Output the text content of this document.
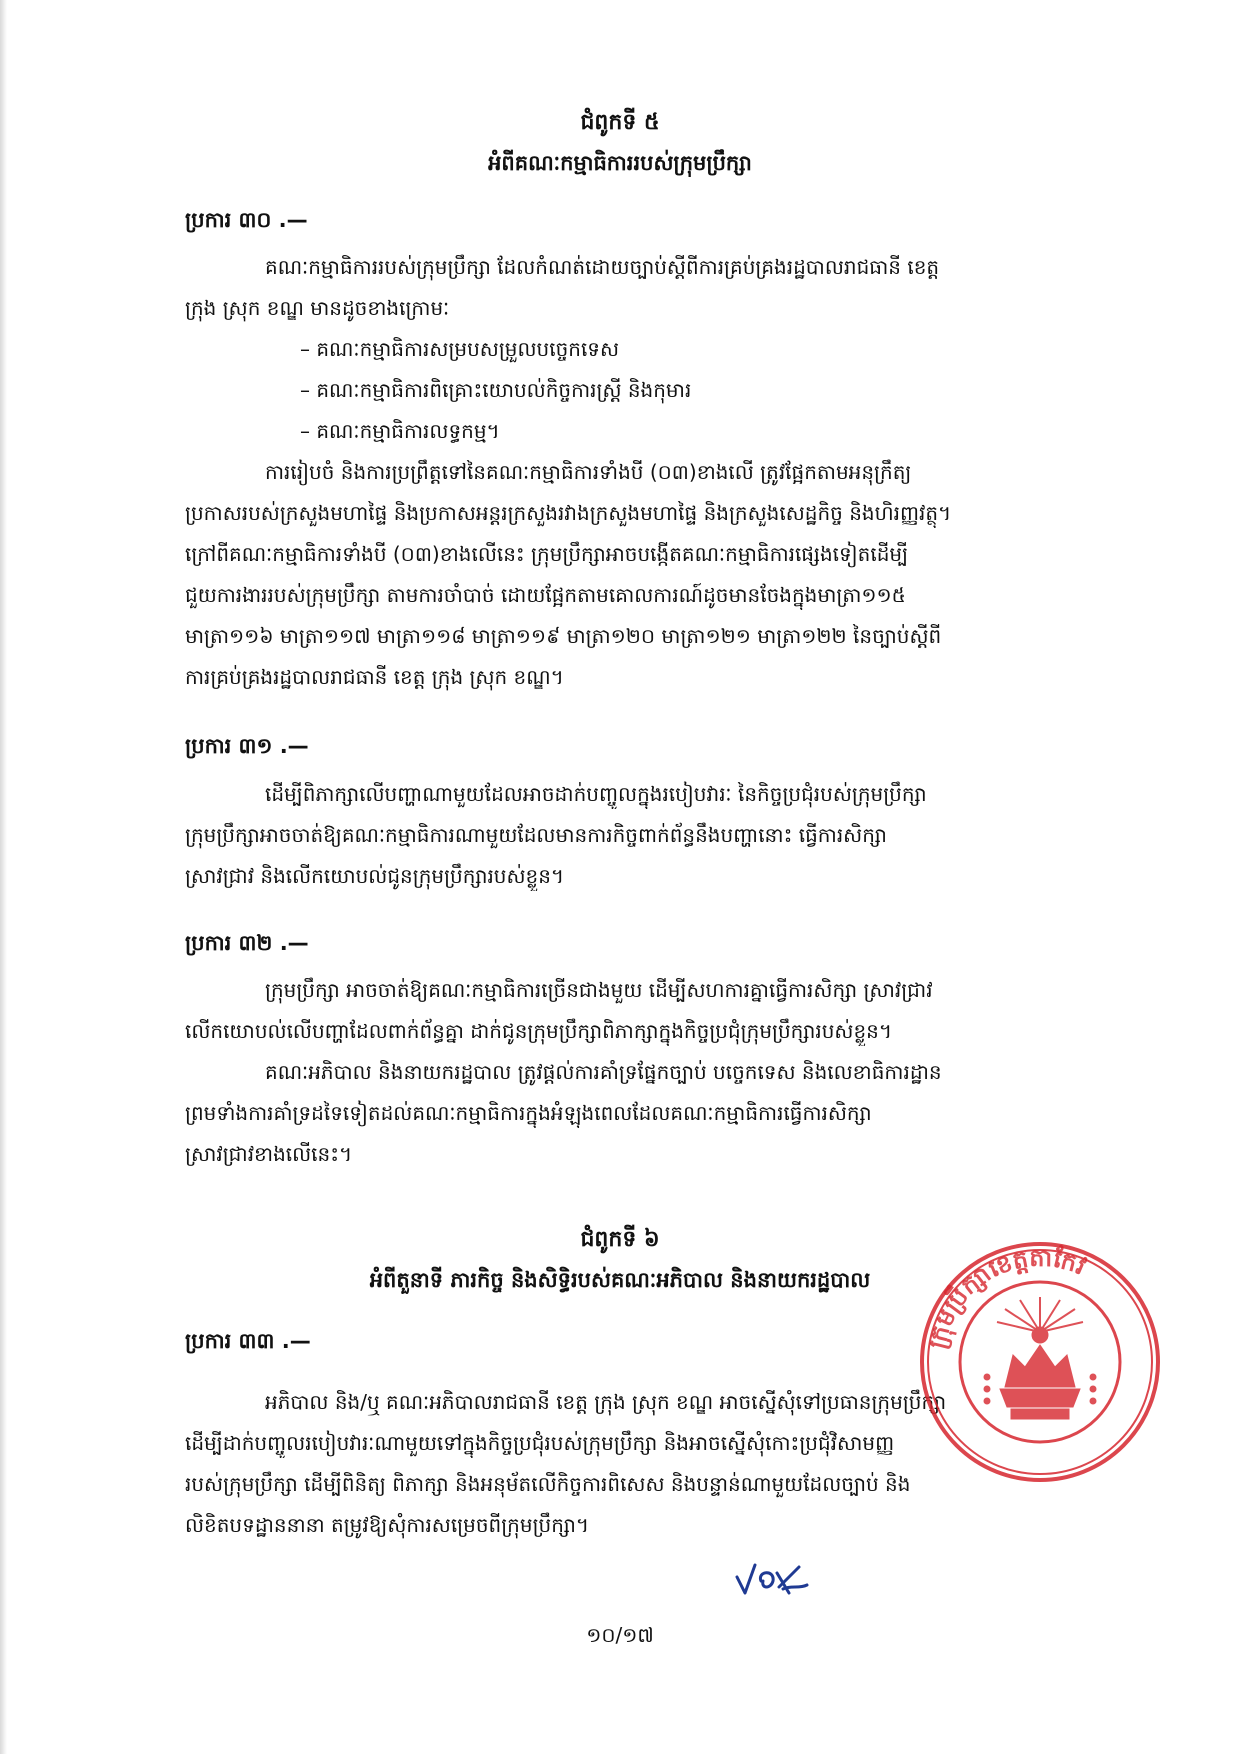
ជំពូកទី ៥
អំពីគណៈកម្មាធិការរបស់ក្រុមប្រឹក្សា
ប្រការ ៣០ .—
គណៈកម្មាធិការរបស់ក្រុមប្រឹក្សា ដែលកំណត់ដោយច្បាប់ស្តីពីការគ្រប់គ្រងរដ្ឋបាលរាជធានី ខេត្ត
ក្រុង ស្រុក ខណ្ឌ មានដូចខាងក្រោមៈ
– គណៈកម្មាធិការសម្របសម្រួលបច្ចេកទេស
– គណៈកម្មាធិការពិគ្រោះយោបល់កិច្ចការស្ត្រី និងកុមារ
– គណៈកម្មាធិការលទ្ធកម្ម។
ការរៀបចំ និងការប្រព្រឹត្តទៅនៃគណៈកម្មាធិការទាំងបី (០៣)ខាងលើ ត្រូវផ្អែកតាមអនុក្រឹត្យ
ប្រកាសរបស់ក្រសួងមហាផ្ទៃ និងប្រកាសអន្តរក្រសួងរវាងក្រសួងមហាផ្ទៃ និងក្រសួងសេដ្ឋកិច្ច និងហិរញ្ញវត្ថុ។
ក្រៅពីគណៈកម្មាធិការទាំងបី (០៣)ខាងលើនេះ ក្រុមប្រឹក្សាអាចបង្កើតគណៈកម្មាធិការផ្សេងទៀតដើម្បី
ជួយការងាររបស់ក្រុមប្រឹក្សា តាមការចាំបាច់ ដោយផ្អែកតាមគោលការណ៍ដូចមានចែងក្នុងមាត្រា១១៥
មាត្រា១១៦ មាត្រា១១៧ មាត្រា១១៨ មាត្រា១១៩ មាត្រា១២០ មាត្រា១២១ មាត្រា១២២ នៃច្បាប់ស្តីពី
ការគ្រប់គ្រងរដ្ឋបាលរាជធានី ខេត្ត ក្រុង ស្រុក ខណ្ឌ។
ប្រការ ៣១ .—
ដើម្បីពិភាក្សាលើបញ្ហាណាមួយដែលអាចដាក់បញ្ចូលក្នុងរបៀបវារៈ នៃកិច្ចប្រជុំរបស់ក្រុមប្រឹក្សា
ក្រុមប្រឹក្សាអាចចាត់ឱ្យគណៈកម្មាធិការណាមួយដែលមានការកិច្ចពាក់ព័ន្ធនឹងបញ្ហានោះ ធ្វើការសិក្សា
ស្រាវជ្រាវ និងលើកយោបល់ជូនក្រុមប្រឹក្សារបស់ខ្លួន។
ប្រការ ៣២ .—
ក្រុមប្រឹក្សា អាចចាត់ឱ្យគណៈកម្មាធិការច្រើនជាងមួយ ដើម្បីសហការគ្នាធ្វើការសិក្សា ស្រាវជ្រាវ
លើកយោបល់លើបញ្ហាដែលពាក់ព័ន្ធគ្នា ដាក់ជូនក្រុមប្រឹក្សាពិភាក្សាក្នុងកិច្ចប្រជុំក្រុមប្រឹក្សារបស់ខ្លួន។
គណៈអភិបាល និងនាយករដ្ឋបាល ត្រូវផ្តល់ការគាំទ្រផ្នែកច្បាប់ បច្ចេកទេស និងលេខាធិការដ្ឋាន
ព្រមទាំងការគាំទ្រដទៃទៀតដល់គណៈកម្មាធិការក្នុងអំឡុងពេលដែលគណៈកម្មាធិការធ្វើការសិក្សា
ស្រាវជ្រាវខាងលើនេះ។
ជំពូកទី ៦
អំពីតួនាទី ភារកិច្ច និងសិទ្ធិរបស់គណៈអភិបាល និងនាយករដ្ឋបាល
ប្រការ ៣៣ .—
អភិបាល និង/ឬ គណៈអភិបាលរាជធានី ខេត្ត ក្រុង ស្រុក ខណ្ឌ អាចស្នើសុំទៅប្រធានក្រុមប្រឹក្សា
ដើម្បីដាក់បញ្ចូលរបៀបវារៈណាមួយទៅក្នុងកិច្ចប្រជុំរបស់ក្រុមប្រឹក្សា និងអាចស្នើសុំកោះប្រជុំវិសាមញ្ញ
របស់ក្រុមប្រឹក្សា ដើម្បីពិនិត្យ ពិភាក្សា និងអនុម័តលើកិច្ចការពិសេស និងបន្ទាន់ណាមួយដែលច្បាប់ និង
លិខិតបទដ្ឋាននានា តម្រូវឱ្យសុំការសម្រេចពីក្រុមប្រឹក្សា។
ក្រុមប្រឹក្សាខេត្តតាកែវ
១០/១៧
